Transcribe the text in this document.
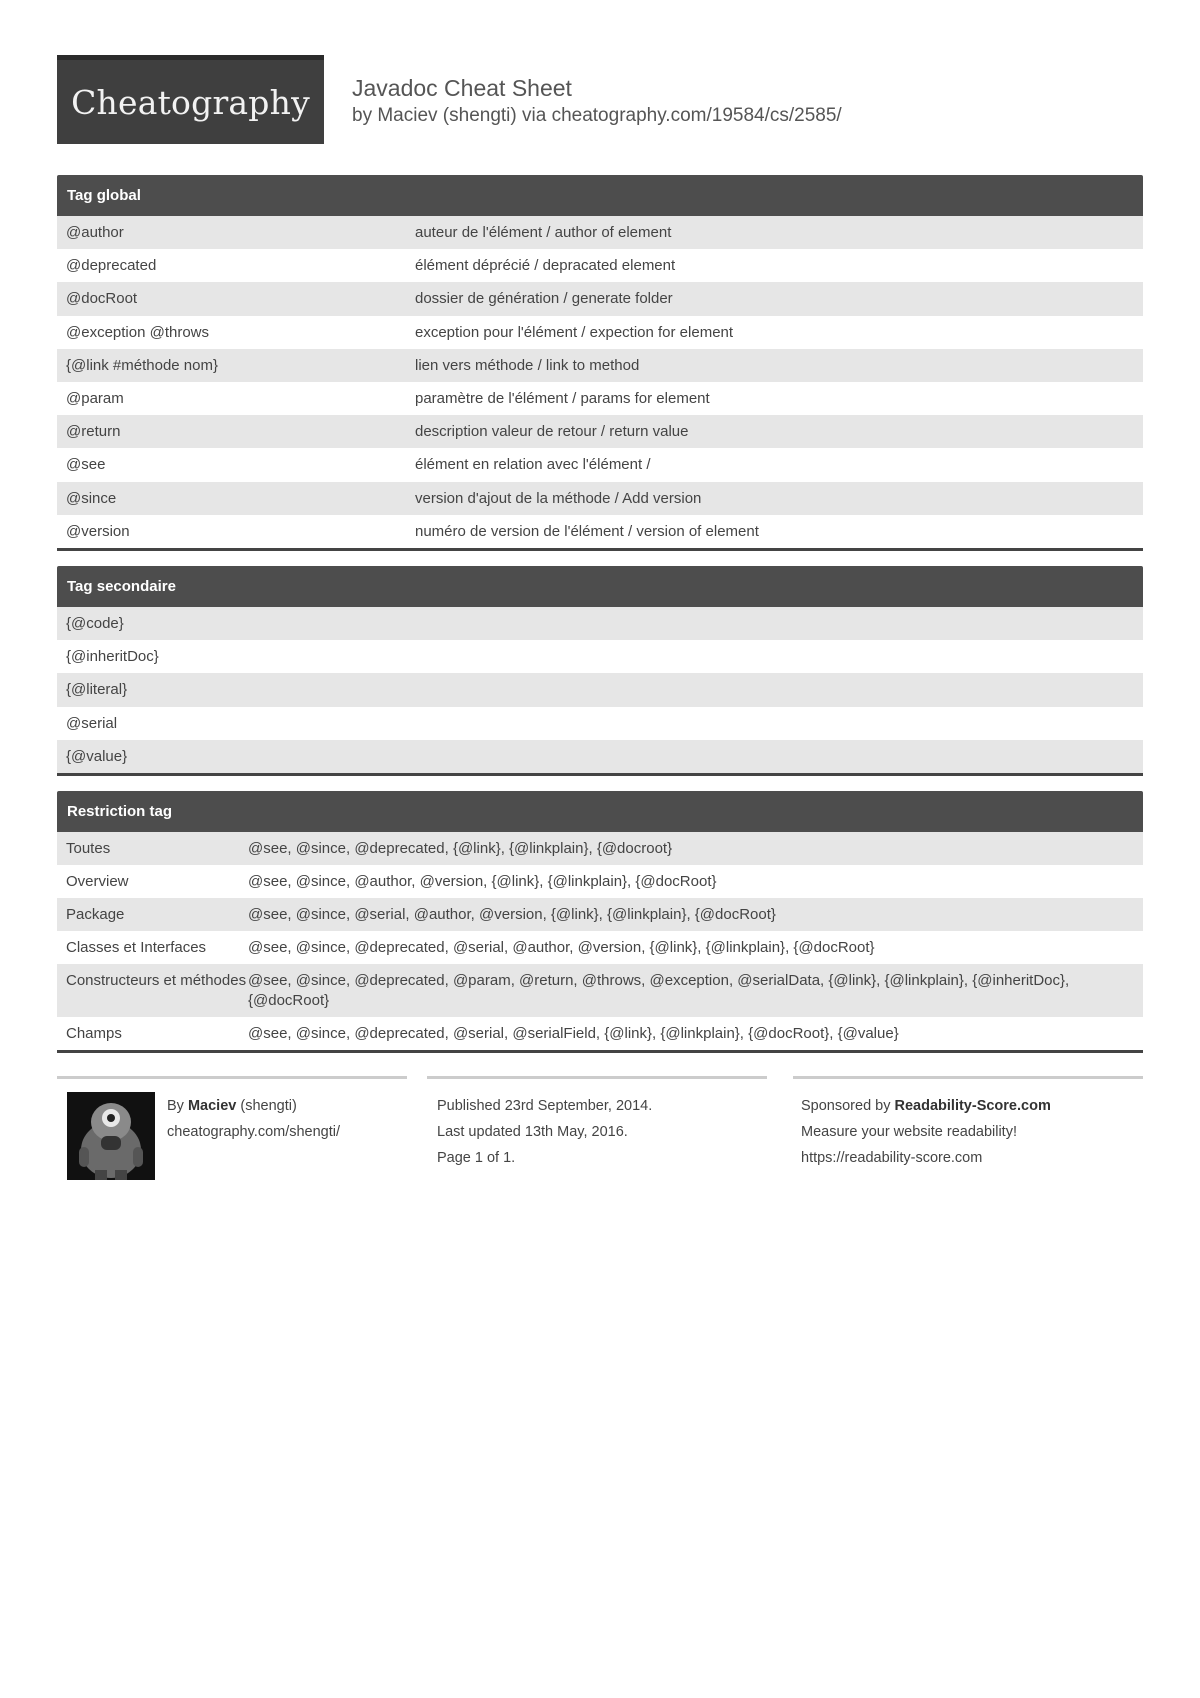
Cheatography Javadoc Cheat Sheet
by Maciev (shengti) via cheatography.com/19584/cs/2585/
Tag global
@author	auteur de l'élément / author of element
@deprecated	élément déprécié / depracated element
@docRoot	dossier de génération / generate folder
@exception @throws	exception pour l'élément / expection for element
{@link #méthode nom}	lien vers méthode / link to method
@param	paramètre de l'élément / params for element
@return	description valeur de retour / return value
@see	élément en relation avec l'élément /
@since	version d'ajout de la méthode / Add version
@version	numéro de version de l'élément / version of element
Tag secondaire
{@code}
{@inheritDoc}
{@literal}
@serial
{@value}
Restriction tag
Toutes	@see, @since, @deprecated, {@link}, {@linkplain}, {@docroot}
Overview	@see, @since, @author, @version, {@link}, {@linkplain}, {@docRoot}
Package	@see, @since, @serial, @author, @version, {@link}, {@linkplain}, {@docRoot}
Classes et Interfaces	@see, @since, @deprecated, @serial, @author, @version, {@link}, {@linkplain}, {@docRoot}
Constructeurs et méthodes @see, @since, @deprecated, @param, @return, @throws, @exception, @serialData, {@link}, {@linkplain}, {@inheritDoc}, {@docRoot}
Champs	@see, @since, @deprecated, @serial, @serialField, {@link}, {@linkplain}, {@docRoot}, {@value}
By Maciev (shengti)
cheatography.com/shengti/
Published 23rd September, 2014.
Last updated 13th May, 2016.
Page 1 of 1.
Sponsored by Readability-Score.com
Measure your website readability!
https://readability-score.com
